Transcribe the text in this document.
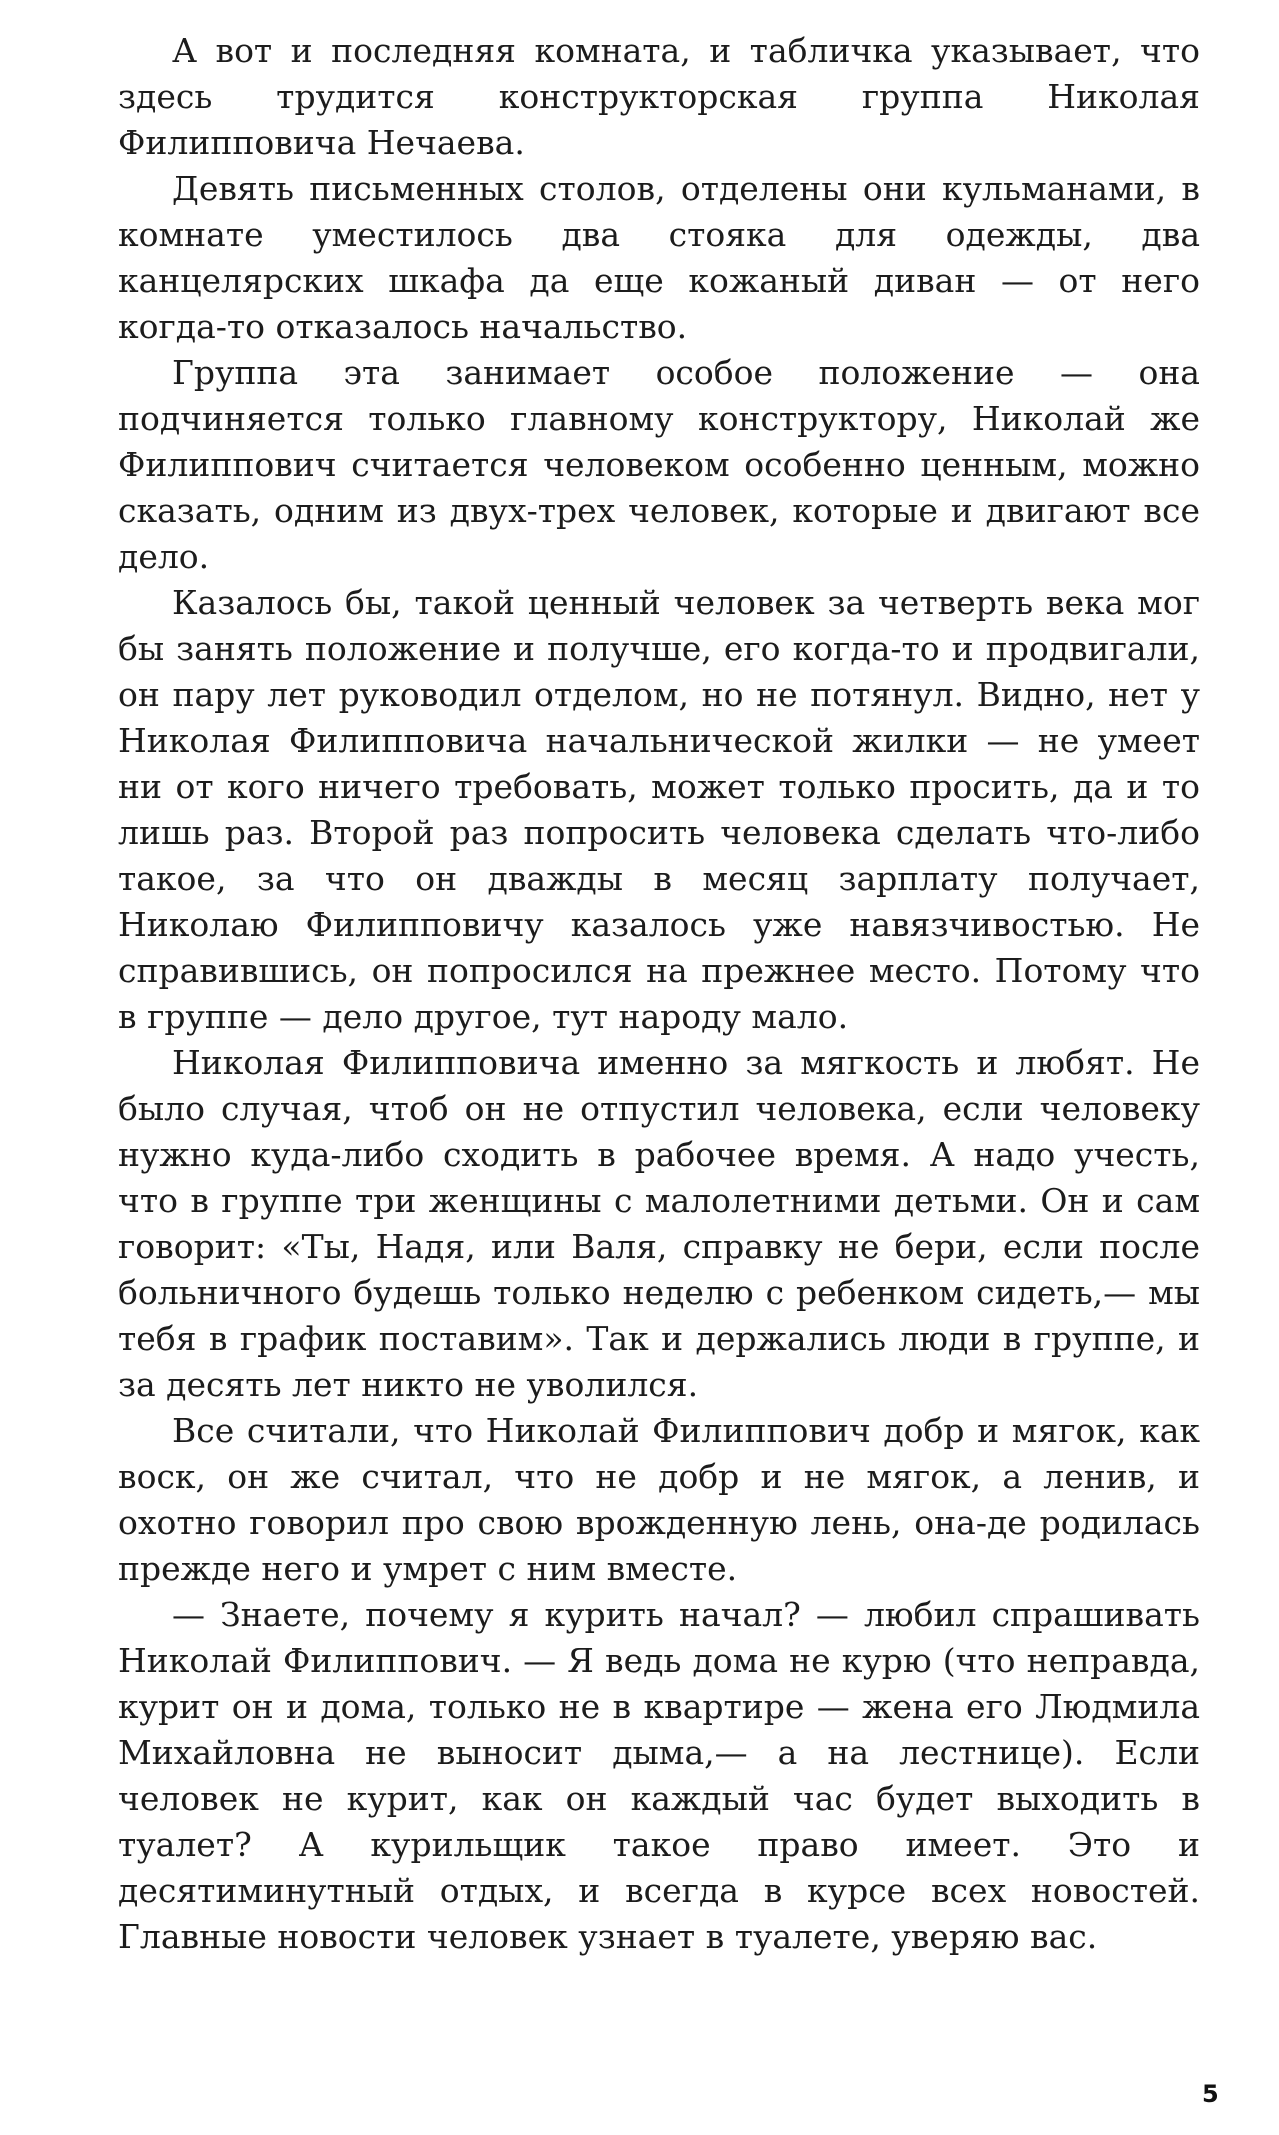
А вот и последняя комната, и табличка указывает, что здесь трудится конструкторская группа Николая Филипповича Нечаева.

Девять письменных столов, отделены они кульманами, в комнате уместилось два стояка для одежды, два канцелярских шкафа да еще кожаный диван — от него когда-то отказалось начальство.

Группа эта занимает особое положение — она подчиняется только главному конструктору, Николай же Филиппович считается человеком особенно ценным, можно сказать, одним из двух-трех человек, которые и двигают все дело.

Казалось бы, такой ценный человек за четверть века мог бы занять положение и получше, его когда-то и продвигали, он пару лет руководил отделом, но не потянул. Видно, нет у Николая Филипповича начальнической жилки — не умеет ни от кого ничего требовать, может только просить, да и то лишь раз. Второй раз попросить человека сделать что-либо такое, за что он дважды в месяц зарплату получает, Николаю Филипповичу казалось уже навязчивостью. Не справившись, он попросился на прежнее место. Потому что в группе — дело другое, тут народу мало.

Николая Филипповича именно за мягкость и любят. Не было случая, чтоб он не отпустил человека, если человеку нужно куда-либо сходить в рабочее время. А надо учесть, что в группе три женщины с малолетними детьми. Он и сам говорит: «Ты, Надя, или Валя, справку не бери, если после больничного будешь только неделю с ребенком сидеть,— мы тебя в график поставим». Так и держались люди в группе, и за десять лет никто не уволился.

Все считали, что Николай Филиппович добр и мягок, как воск, он же считал, что не добр и не мягок, а ленив, и охотно говорил про свою врожденную лень, она-де родилась прежде него и умрет с ним вместе.

— Знаете, почему я курить начал? — любил спрашивать Николай Филиппович. — Я ведь дома не курю (что неправда, курит он и дома, только не в квартире — жена его Людмила Михайловна не выносит дыма,— а на лестнице). Если человек не курит, как он каждый час будет выходить в туалет? А курильщик такое право имеет. Это и десятиминутный отдых, и всегда в курсе всех новостей. Главные новости человек узнает в туалете, уверяю вас.

5
